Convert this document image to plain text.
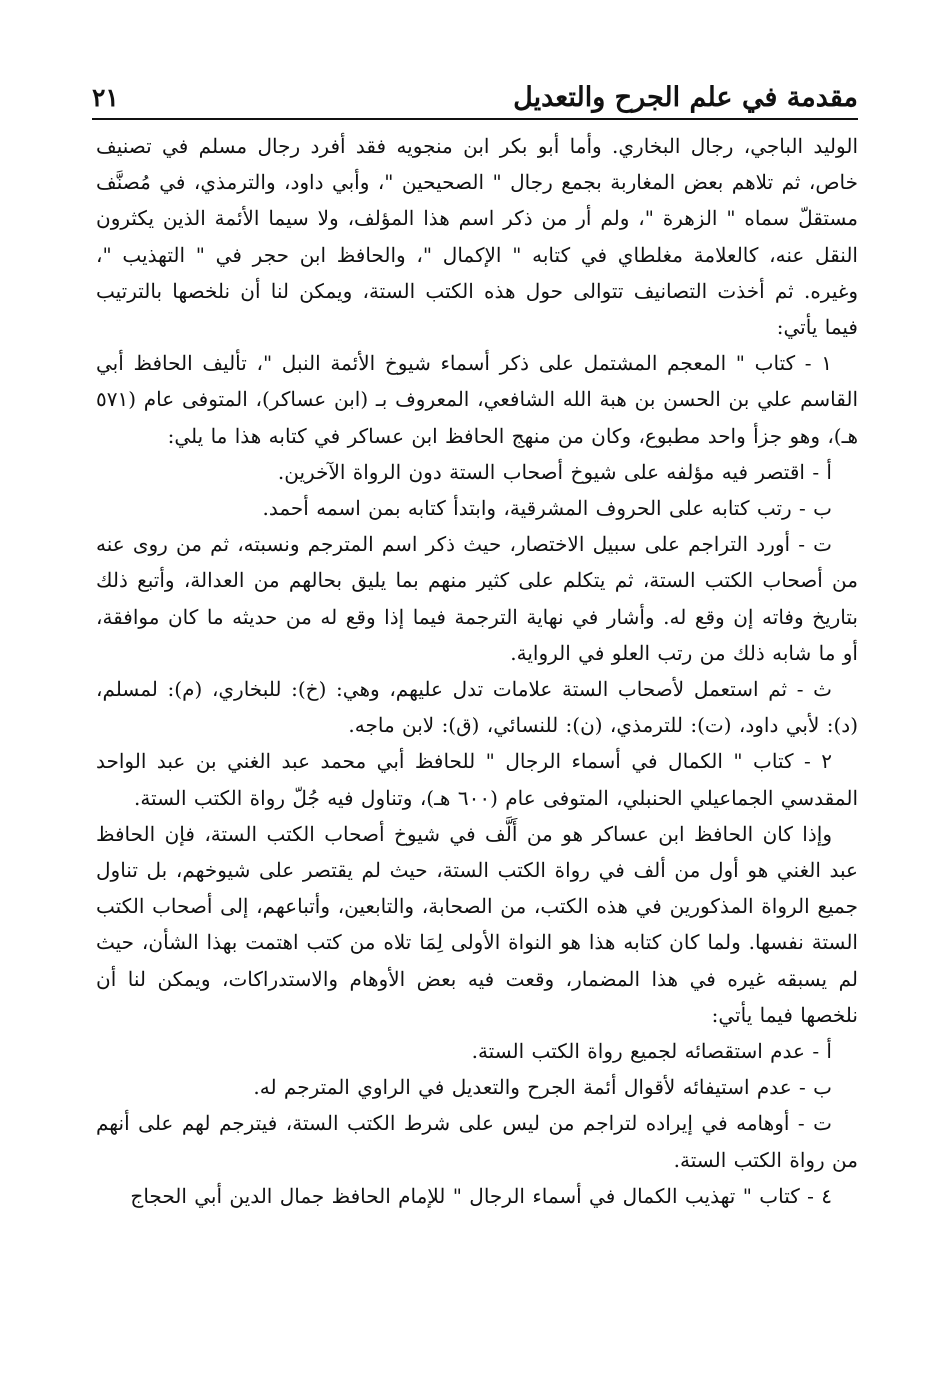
مقدمة في علم الجرح والتعديل
٢١

الوليد الباجي، رجال البخاري. وأما أبو بكر ابن منجويه فقد أفرد رجال مسلم في تصنيف خاص، ثم تلاهم بعض المغاربة بجمع رجال " الصحيحين "، وأبي داود، والترمذي، في مُصنَّف مستقلّ سماه " الزهرة "، ولم أر من ذكر اسم هذا المؤلف، ولا سيما الأئمة الذين يكثرون النقل عنه، كالعلامة مغلطاي في كتابه " الإكمال "، والحافظ ابن حجر في " التهذيب "، وغيره. ثم أخذت التصانيف تتوالى حول هذه الكتب الستة، ويمكن لنا أن نلخصها بالترتيب فيما يأتي:

١ - كتاب " المعجم المشتمل على ذكر أسماء شيوخ الأئمة النبل "، تأليف الحافظ أبي القاسم علي بن الحسن بن هبة الله الشافعي، المعروف بـ (ابن عساكر)، المتوفى عام (٥٧١ هـ)، وهو جزأ واحد مطبوع، وكان من منهج الحافظ ابن عساكر في كتابه هذا ما يلي:

أ - اقتصر فيه مؤلفه على شيوخ أصحاب الستة دون الرواة الآخرين.

ب - رتب كتابه على الحروف المشرقية، وابتدأ كتابه بمن اسمه أحمد.

ت - أورد التراجم على سبيل الاختصار، حيث ذكر اسم المترجم ونسبته، ثم من روى عنه من أصحاب الكتب الستة، ثم يتكلم على كثير منهم بما يليق بحالهم من العدالة، وأتبع ذلك بتاريخ وفاته إن وقع له. وأشار في نهاية الترجمة فيما إذا وقع له من حديثه ما كان موافقة، أو ما شابه ذلك من رتب العلو في الرواية.

ث - ثم استعمل لأصحاب الستة علامات تدل عليهم، وهي: (خ): للبخاري، (م): لمسلم، (د): لأبي داود، (ت): للترمذي، (ن): للنسائي، (ق): لابن ماجه.

٢ - كتاب " الكمال في أسماء الرجال " للحافظ أبي محمد عبد الغني بن عبد الواحد المقدسي الجماعيلي الحنبلي، المتوفى عام (٦٠٠ هـ)، وتناول فيه جُلّ رواة الكتب الستة.

وإذا كان الحافظ ابن عساكر هو من أَلَّف في شيوخ أصحاب الكتب الستة، فإن الحافظ عبد الغني هو أول من ألف في رواة الكتب الستة، حيث لم يقتصر على شيوخهم، بل تناول جميع الرواة المذكورين في هذه الكتب، من الصحابة، والتابعين، وأتباعهم، إلى أصحاب الكتب الستة نفسها. ولما كان كتابه هذا هو النواة الأولى لِمَا تلاه من كتب اهتمت بهذا الشأن، حيث لم يسبقه غيره في هذا المضمار، وقعت فيه بعض الأوهام والاستدراكات، ويمكن لنا أن نلخصها فيما يأتي:

أ - عدم استقصائه لجميع رواة الكتب الستة.

ب - عدم استيفائه لأقوال أئمة الجرح والتعديل في الراوي المترجم له.

ت - أوهامه في إيراده لتراجم من ليس على شرط الكتب الستة، فيترجم لهم على أنهم من رواة الكتب الستة.

٤ - كتاب " تهذيب الكمال في أسماء الرجال " للإمام الحافظ جمال الدين أبي الحجاج
